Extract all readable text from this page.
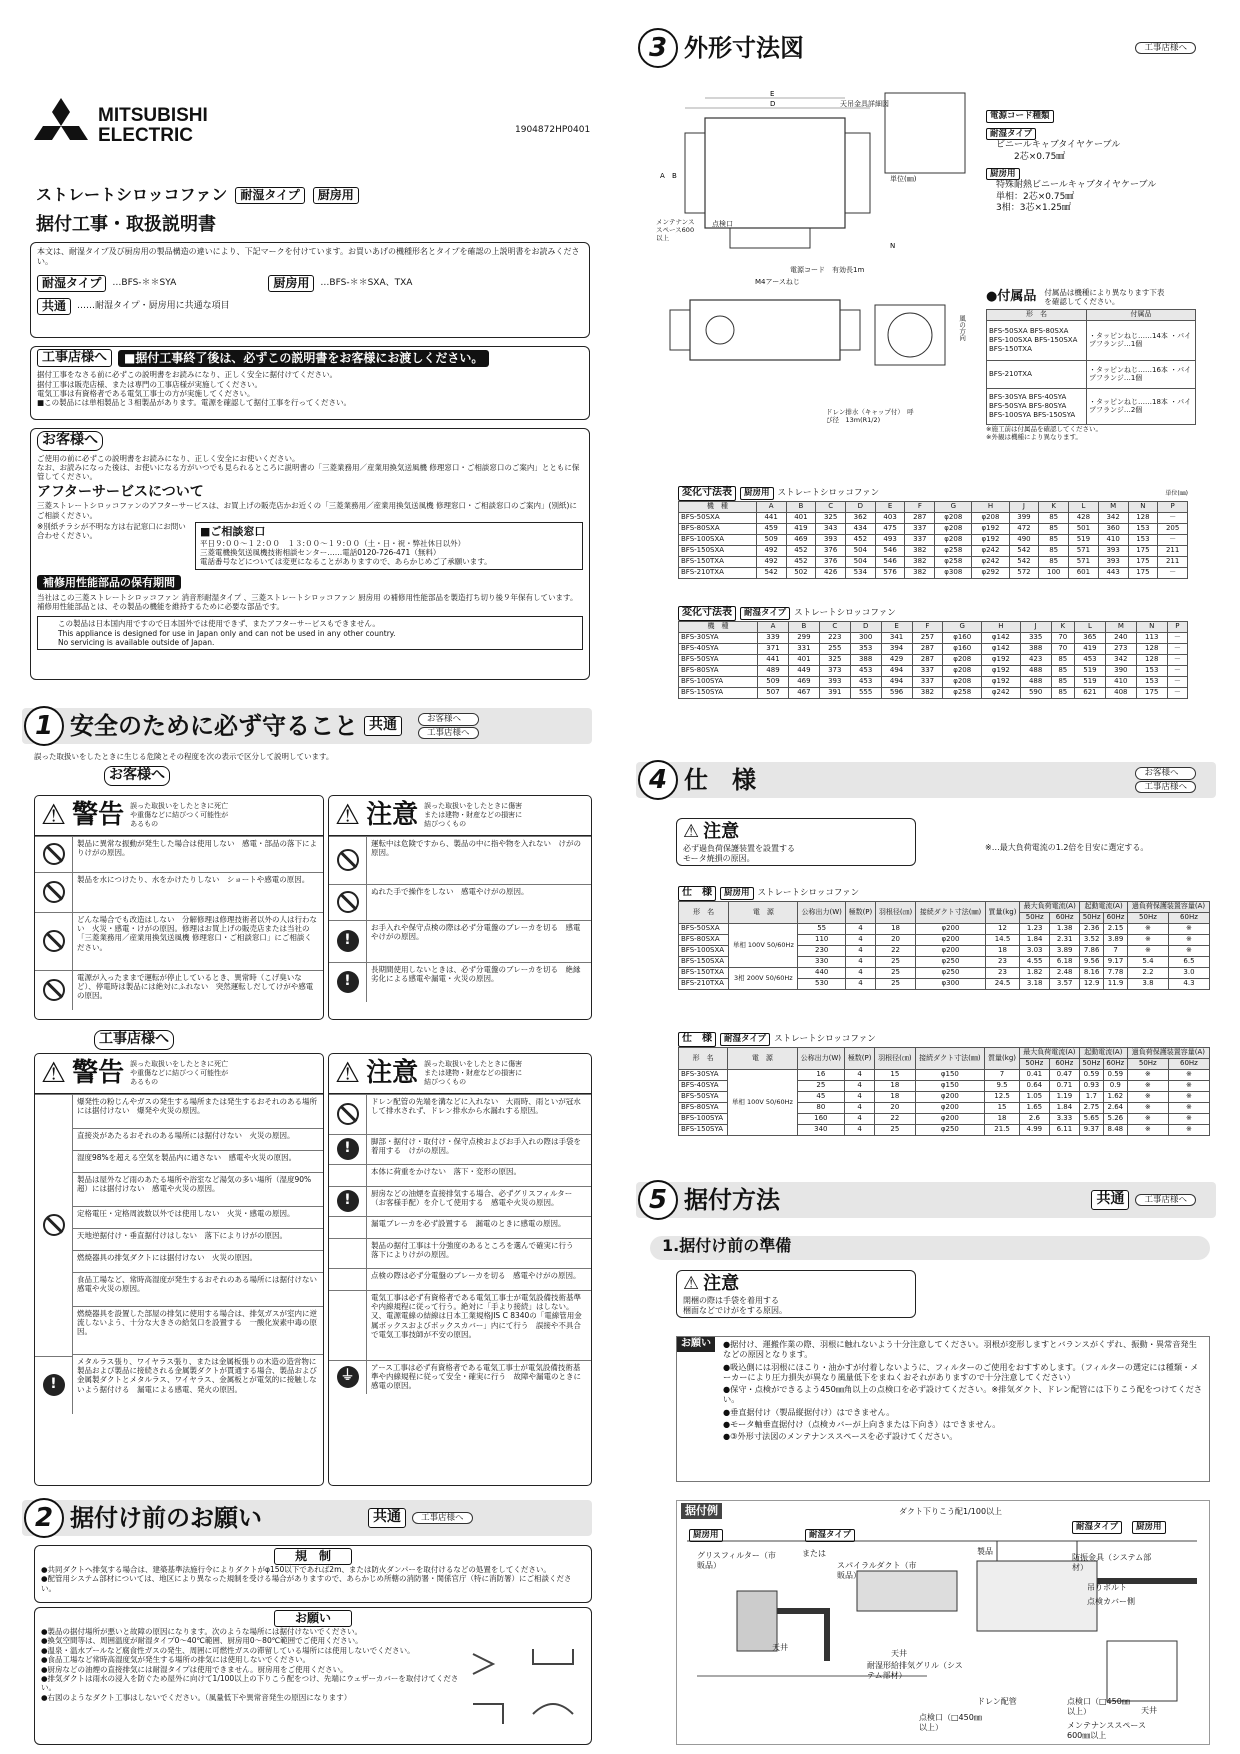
MITSUBISHI
ELECTRIC	1904872HP0401
ストレートシロッコファン	耐湿タイプ	厨房用
据付工事・取扱説明書
本文は、耐湿タイプ及び厨房用の製品構造の違いにより、下記マークを付けています。お買いあげの機種形名とタイプを確認の上説明書をお読みください。
耐湿タイプ	…BFS-＊＊SYA	厨房用	…BFS-＊＊SXA、TXA
共通	……耐湿タイプ・厨房用に共通な項目
工事店様へ	■据付工事終了後は、必ずこの説明書をお客様にお渡しください。
据付工事をなさる前に必ずこの説明書をお読みになり、正しく安全に据付けてください。
据付工事は販売店様、または専門の工事店様が実施してください。
電気工事は有資格者である電気工事士の方が実施してください。
■この製品には単相製品と３相製品があります。電源を確認して据付工事を行ってください。
お客様へ
ご使用の前に必ずこの説明書をお読みになり、正しく安全にお使いください。
なお、お読みになった後は、お使いになる方がいつでも見られるところに説明書の「三菱業務用／産業用換気送風機 修理窓口・ご相談窓口のご案内」とともに保管してください。
アフターサービスについて
三菱ストレートシロッコファンのアフターサービスは、お買上げの販売店かお近くの「三菱業務用／産業用換気送風機 修理窓口・ご相談窓口のご案内」(別紙)にご相談ください。
※別紙チラシが不明な方は右記窓口にお問い合わせください。	■ご相談窓口
平日９:００～１２:００　１３:００～１９:００（土・日・祝・弊社休日以外）
三菱電機換気送風機技術相談センター……電話0120-726-471（無料）
電話番号などについては変更になることがありますので、あらかじめご了承願います。
補修用性能部品の保有期間
当社はこの三菱ストレートシロッコファン 消音形耐湿タイプ 、三菱ストレートシロッコファン 厨房用 の補修用性能部品を製造打ち切り後９年保有しています。補修用性能部品とは、その製品の機能を維持するために必要な部品です。
この製品は日本国内用ですので日本国外では使用できず、またアフターサービスもできません。
This appliance is designed for use in Japan only and can not be used in any other country.
No servicing is available outside of Japan.
1 安全のために必ず守ること 共通	お客様へ
工事店様へ
誤った取扱いをしたときに生じる危険とその程度を次の表示で区分して説明しています。
お客様へ
⚠ 警告 誤った取扱いをしたときに死亡や重傷などに結びつく可能性があるもの
製品に異常な振動が発生した場合は使用しない　感電・部品の落下によりけがの原因。
製品を水につけたり、水をかけたりしない　ショートや感電の原因。
どんな場合でも改造はしない　分解修理は修理技術者以外の人は行わない　火災・感電・けがの原因。修理はお買上げの販売店または当社の「三菱業務用／産業用換気送風機 修理窓口・ご相談窓口」にご相談ください。
電源が入ったままで運転が停止しているとき、異常時（こげ臭いなど）、停電時は製品には絶対にふれない　突然運転しだしてけがや感電の原因。
⚠ 注意 誤った取扱いをしたときに傷害または建物・財産などの損害に結びつくもの
運転中は危険ですから、製品の中に指や物を入れない　けがの原因。
ぬれた手で操作をしない　感電やけがの原因。
!
お手入れや保守点検の際は必ず分電盤のブレーカを切る　感電やけがの原因。
!
長期間使用しないときは、必ず分電盤のブレーカを切る　絶縁劣化による感電や漏電・火災の原因。
工事店様へ
⚠ 警告 誤った取扱いをしたときに死亡や重傷などに結びつく可能性があるもの
!
爆発性の粉じんやガスの発生する場所または発生するおそれのある場所には据付けない　爆発や火災の原因。
直接炎があたるおそれのある場所には据付けない　火災の原因。
湿度98%を超える空気を製品内に通さない　感電や火災の原因。
製品は屋外など雨のあたる場所や浴室など湯気の多い場所（湿度90%超）には据付けない　感電や火災の原因。
定格電圧・定格周波数以外では使用しない　火災・感電の原因。
天地逆据付け・垂直据付けはしない　落下によりけがの原因。
燃焼器具の排気ダクトには据付けない　火災の原因。
食品工場など、常時高湿度が発生するおそれのある場所には据付けない　感電や火災の原因。
燃焼器具を設置した部屋の排気に使用する場合は、排気ガスが室内に逆流しないよう、十分な大きさの給気口を設置する　一酸化炭素中毒の原因。
メタルラス張り、ワイヤラス張り、または金属板張りの木造の造営物に製品および製品に接続される金属製ダクトが貫通する場合、製品および金属製ダクトとメタルラス、ワイヤラス、金属板とが電気的に接触しないよう据付ける　漏電による感電、発火の原因。
⚠ 注意 誤った取扱いをしたときに傷害または建物・財産などの損害に結びつくもの
ドレン配管の先端を溝などに入れない　大雨時、雨といが冠水して排水されず、ドレン排水から水漏れする原因。
!	脚部・据付け・取付け・保守点検およびお手入れの際は手袋を着用する　けがの原因。
本体に荷重をかけない　落下・変形の原因。
!	厨房などの油煙を直接排気する場合、必ずグリスフィルター（お客様手配）を介して使用する　感電や火災の原因。
漏電ブレーカを必ず設置する　漏電のときに感電の原因。
製品の据付工事は十分強度のあるところを選んで確実に行う　落下によりけがの原因。
点検の際は必ず分電盤のブレーカを切る　感電やけがの原因。
電気工事は必ず有資格者である電気工事士が電気設備技術基準や内線規程に従って行う。絶対に「手より接続」はしない。又、電源電線の結線は日本工業規格JIS C 8340の「電線管用金属ボックスおよびボックスカバー」内にて行う　誤接や不具合で電気工事技師が不安の原因。
⏚
アース工事は必ず有資格者である電気工事士が電気設備技術基準や内線規程に従って安全・確実に行う　故障や漏電のときに感電の原因。
2 据付け前のお願い	共通	工事店様へ
規　制
●共同ダクトへ排気する場合は、建築基準法施行令によりダクトがφ150以下であれば2m、または防火ダンパーを取付けるなどの処置をしてください。
●配管用システム部材については、地区により異なった規制を受ける場合がありますので、あらかじめ所轄の消防署・関係官庁（特に消防署）にご相談ください。
お願い
●製品の据付場所が悪いと故障の原因になります。次のような場所には据付けないでください。
●換気空間等は、周囲温度が耐湿タイプ0～40℃範囲、厨房用0～80℃範囲でご使用ください。
●温泉・温水プールなど腐食性ガスの発生、周囲に可燃性ガスの滞留している場所には使用しないでください。
●食品工場など常時高湿度気が発生する場所の排気には使用しないでください。
●厨房などの油煙の直接排気には耐湿タイプは使用できません。厨房用をご使用ください。
●排気ダクトは雨水の浸入を防ぐため屋外に向けて1/100以上の下りこう配をつけ、先端にウェザーカバーを取付けてください。
●右図のようなダクト工事はしないでください。（風量低下や異常音発生の原因になります）
3 外形寸法図	工事店様へ
E
D
A B
N
点検口
天吊金具詳細図
単位(㎜)
メンテナンススペース600以上
電源コード　有効長1m
M4アースねじ
ドレン排水（キャップ付）　呼び径　13m(R1/2)
風の方向
電源コード種類
耐湿タイプ
ビニールキャブタイヤケーブル
2芯×0.75㎟
厨房用
特殊耐熱ビニールキャブタイヤケーブル
単相：2芯×0.75㎟
3相：3芯×1.25㎟
●付属品 付属品は機種により異なります下表を確認してください。
形　名	付属品
BFS-50SXA BFS-80SXA BFS-100SXA BFS-150SXA BFS-150TXA	・タッピンねじ……14本 ・パイプフランジ…1個
BFS-210TXA	・タッピンねじ……16本 ・パイプフランジ…1個
BFS-30SYA BFS-40SYA BFS-50SYA BFS-80SYA BFS-100SYA BFS-150SYA	・タッピンねじ……18本 ・パイプフランジ…2個
※施工前は付属品を確認してください。
※外観は機種により異なります。
変化寸法表	厨房用 ストレートシロッコファン	単位(㎜)
機　種	A	B	C	D	E	F	G	H	J	K	L	M	N	P
BFS-50SXA	441	401	325	362	403	287	φ208	φ208	399	85	428	342	128	－
BFS-80SXA	459	419	343	434	475	337	φ208	φ192	472	85	501	360	153	205
BFS-100SXA	509	469	393	452	493	337	φ208	φ192	490	85	519	410	153	－
BFS-150SXA	492	452	376	504	546	382	φ258	φ242	542	85	571	393	175	211
BFS-150TXA	492	452	376	504	546	382	φ258	φ242	542	85	571	393	175	211
BFS-210TXA	542	502	426	534	576	382	φ308	φ292	572	100	601	443	175	－
変化寸法表	耐湿タイプ ストレートシロッコファン
機　種	A	B	C	D	E	F	G	H	J	K	L	M	N	P
BFS-30SYA	339	299	223	300	341	257	φ160	φ142	335	70	365	240	113	－
BFS-40SYA	371	331	255	353	394	287	φ160	φ142	388	70	419	273	128	－
BFS-50SYA	441	401	325	388	429	287	φ208	φ192	423	85	453	342	128	－
BFS-80SYA	489	449	373	453	494	337	φ208	φ192	488	85	519	390	153	－
BFS-100SYA	509	469	393	453	494	337	φ208	φ192	488	85	519	410	153	－
BFS-150SYA	507	467	391	555	596	382	φ258	φ242	590	85	621	408	175	－
4 仕　様	お客様へ
工事店様へ
⚠ 注意
必ず過負荷保護装置を設置する
モータ焼損の原因。
※…最大負荷電流の1.2倍を目安に選定する。
仕　様	厨房用 ストレートシロッコファン
形　名	電　源	公称出力(W)	極数(P)	羽根径(㎝)	接続ダクト寸法(㎜)	質量(kg)	最大負荷電流(A)		起動電流(A)		過負荷保護装置容量(A)	
							50Hz	60Hz	50Hz	60Hz	50Hz	60Hz
BFS-50SXA	単相 100V 50/60Hz	55	4	18	φ200	12	1.23	1.38	2.36	2.15	※	※
BFS-80SXA		110	4	20	φ200	14.5	1.84	2.31	3.52	3.89	※	※
BFS-100SXA		230	4	22	φ200	18	3.03	3.89	7.86	7	※	※
BFS-150SXA		330	4	25	φ250	23	4.55	6.18	9.56	9.17	5.4	6.5
BFS-150TXA	3相 200V 50/60Hz	440	4	25	φ250	23	1.82	2.48	8.16	7.78	2.2	3.0
BFS-210TXA		530	4	25	φ300	24.5	3.18	3.57	12.9	11.9	3.8	4.3
仕　様	耐湿タイプ ストレートシロッコファン
形　名	電　源	公称出力(W)	極数(P)	羽根径(㎝)	接続ダクト寸法(㎜)	質量(kg)	最大負荷電流(A)		起動電流(A)		過負荷保護装置容量(A)	
							50Hz	60Hz	50Hz	60Hz	50Hz	60Hz
BFS-30SYA	単相 100V 50/60Hz	16	4	15	φ150	7	0.41	0.47	0.59	0.59	※	※
BFS-40SYA		25	4	18	φ150	9.5	0.64	0.71	0.93	0.9	※	※
BFS-50SYA		45	4	18	φ200	12.5	1.05	1.19	1.7	1.62	※	※
BFS-80SYA		80	4	20	φ200	15	1.65	1.84	2.75	2.64	※	※
BFS-100SYA		160	4	22	φ200	18	2.6	3.33	5.65	5.26	※	※
BFS-150SYA		340	4	25	φ250	21.5	4.99	6.11	9.37	8.48	※	※
5 据付方法	共通	工事店様へ
1.据付け前の準備
⚠ 注意
開梱の際は手袋を着用する
梱面などでけがをする原因。
お願い	●据付け、運搬作業の際、羽根に触れないよう十分注意してください。羽根が変形しますとバランスがくずれ、振動・異常音発生などの原因となります。
●吸込側には羽根にほこり・油かすが付着しないように、フィルターのご使用をおすすめします。（フィルターの選定には種類・メーカーにより圧力損失が異なり風量低下をまねくおそれがありますので十分注意してください）
●保守・点検ができるよう450㎜角以上の点検口を必ず設けてください。※排気ダクト、ドレン配管には下りこう配をつけてください。
●垂直据付け（製品縦据付け）はできません。
●モータ軸垂直据付け（点検カバーが上向きまたは下向き）はできません。
●③外形寸法図のメンテナンススペースを必ず設けてください。
据付例
厨房用	耐湿タイプ
または
耐湿タイプ	厨房用
グリスフィルター（市販品）	スパイラルダクト（市販品）
天井
天井
天井
耐湿形給排気グリル（システム部材）
製品
ダクト下りこう配1/100以上
防振金具（システム部材）
吊りボルト
点検カバー側
ドレン配管
点検口（□450㎜以上）
点検口（□450㎜以上）
メンテナンススペース600㎜以上
